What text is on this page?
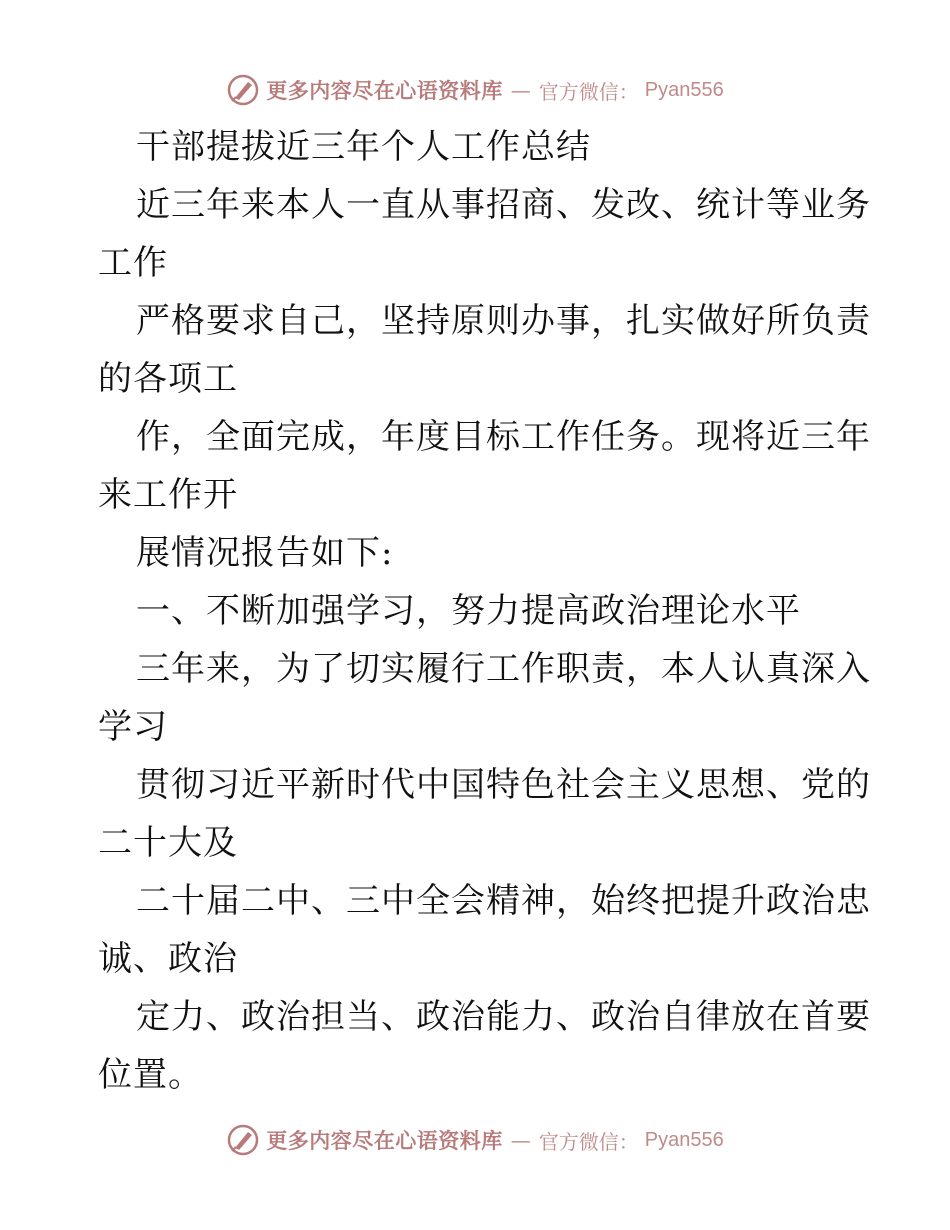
更多内容尽在心语资料库 — 官方微信： Pyan556
干部提拔近三年个人工作总结
近三年来本人一直从事招商、发改、统计等业务
工作
严格要求自己，坚持原则办事，扎实做好所负责
的各项工
作，全面完成，年度目标工作任务。现将近三年
来工作开
展情况报告如下:
一、不断加强学习，努力提高政治理论水平
三年来，为了切实履行工作职责，本人认真深入
学习
贯彻习近平新时代中国特色社会主义思想、党的
二十大及
二十届二中、三中全会精神，始终把提升政治忠
诚、政治
定力、政治担当、政治能力、政治自律放在首要
位置。
更多内容尽在心语资料库 — 官方微信： Pyan556
